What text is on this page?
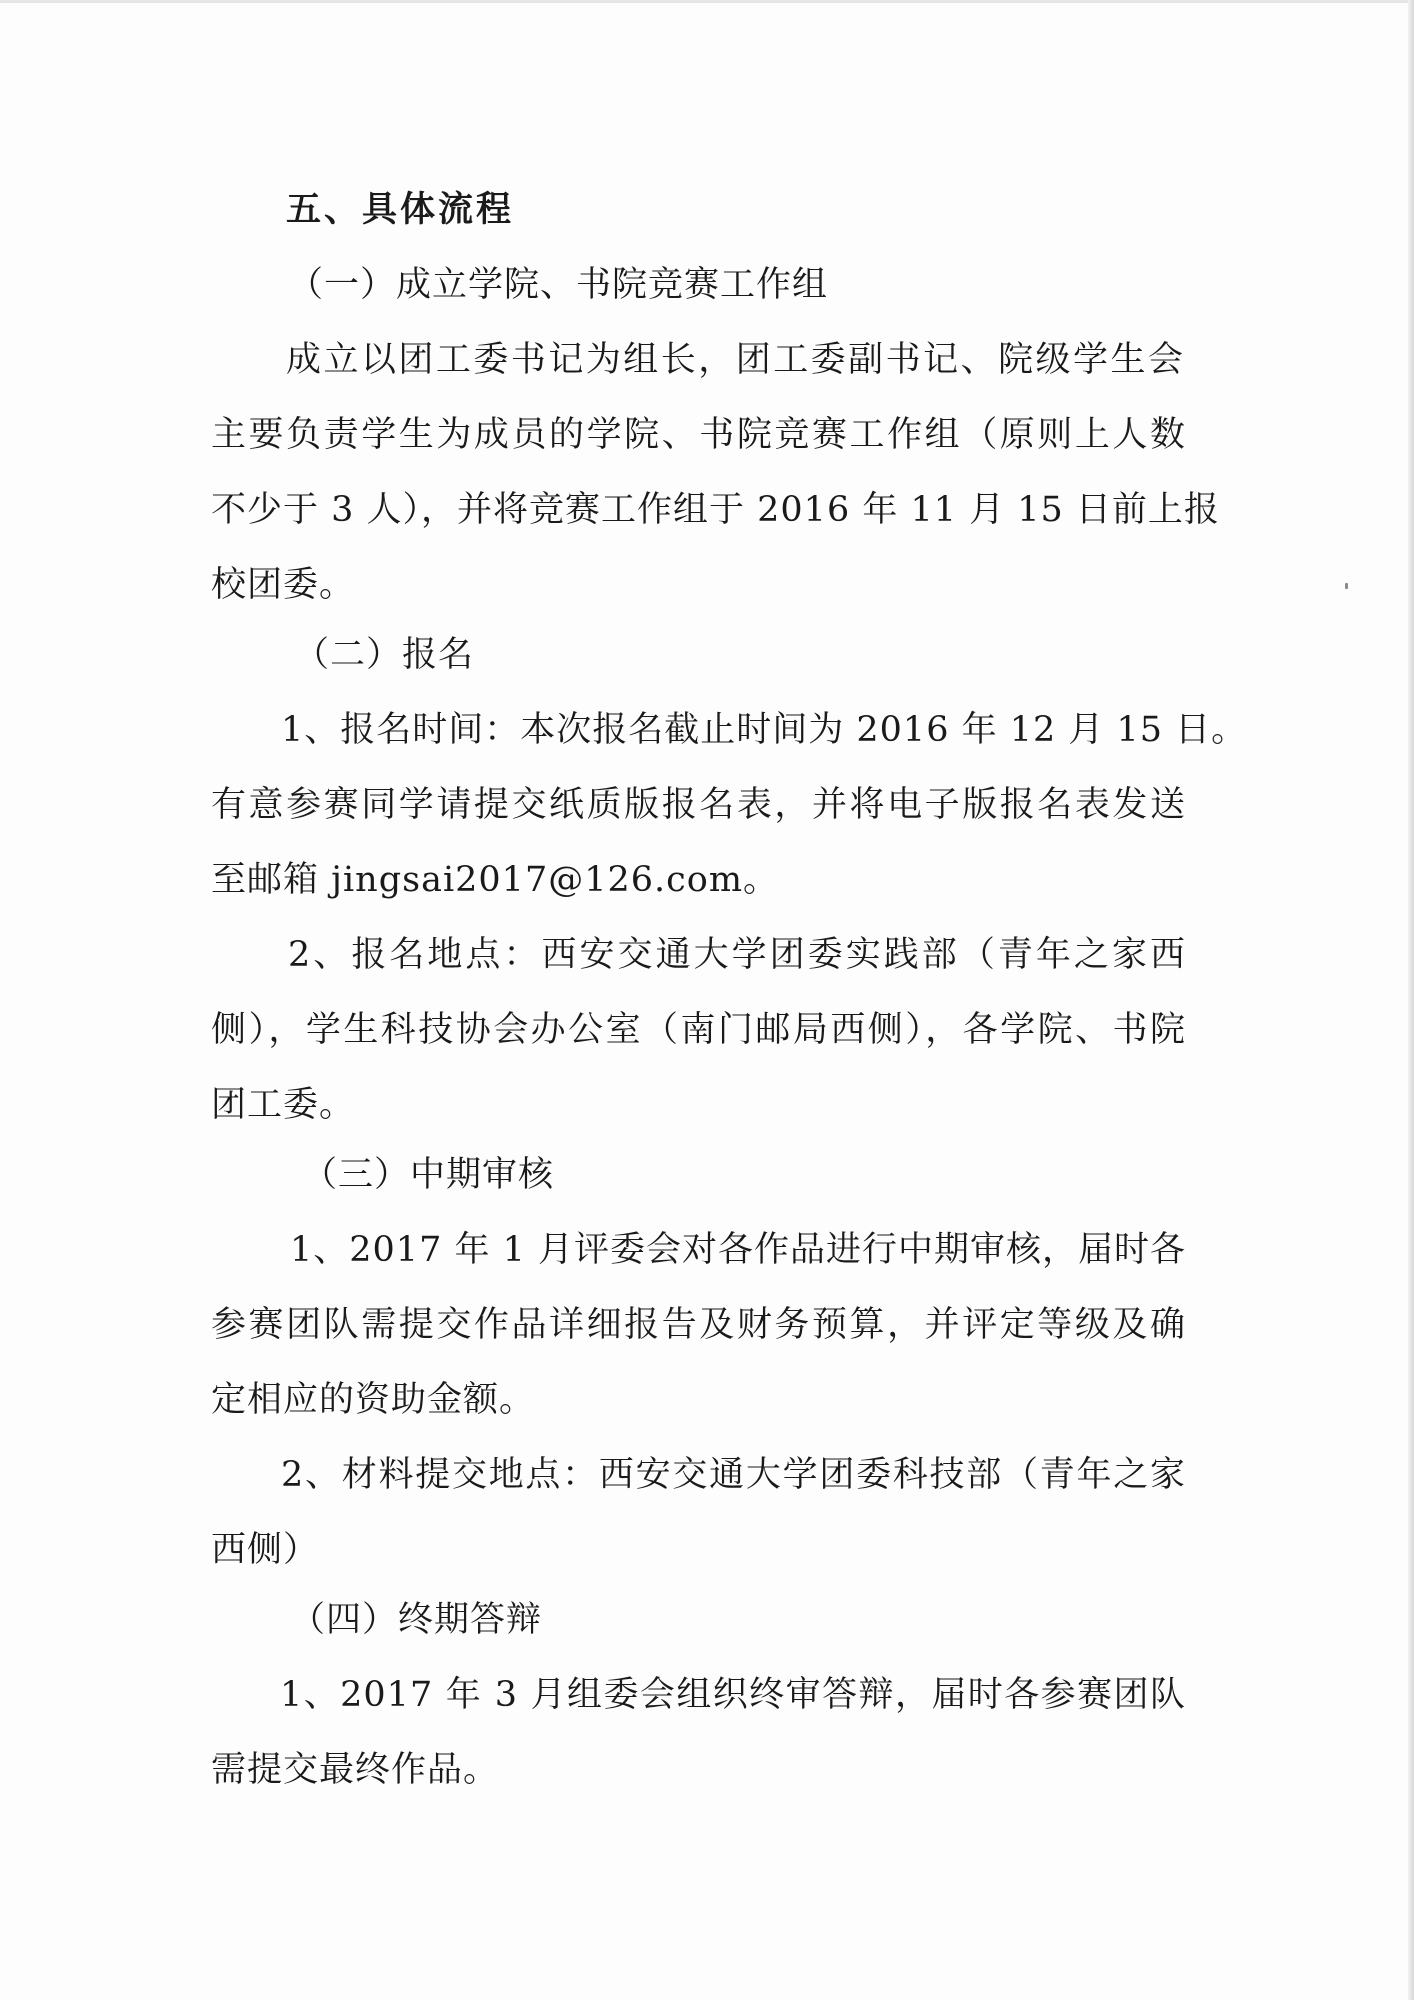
五、具体流程
（一）成立学院、书院竞赛工作组
成立以团工委书记为组长，团工委副书记、院级学生会
主要负责学生为成员的学院、书院竞赛工作组（原则上人数
不少于 3 人），并将竞赛工作组于 2016 年 11 月 15 日前上报
校团委。
（二）报名
1、报名时间：本次报名截止时间为 2016 年 12 月 15 日。
有意参赛同学请提交纸质版报名表，并将电子版报名表发送
至邮箱 jingsai2017@126.com。
2、报名地点：西安交通大学团委实践部（青年之家西
侧），学生科技协会办公室（南门邮局西侧），各学院、书院
团工委。
（三）中期审核
1、2017 年 1 月评委会对各作品进行中期审核，届时各
参赛团队需提交作品详细报告及财务预算，并评定等级及确
定相应的资助金额。
2、材料提交地点：西安交通大学团委科技部（青年之家
西侧）
（四）终期答辩
1、2017 年 3 月组委会组织终审答辩，届时各参赛团队
需提交最终作品。
